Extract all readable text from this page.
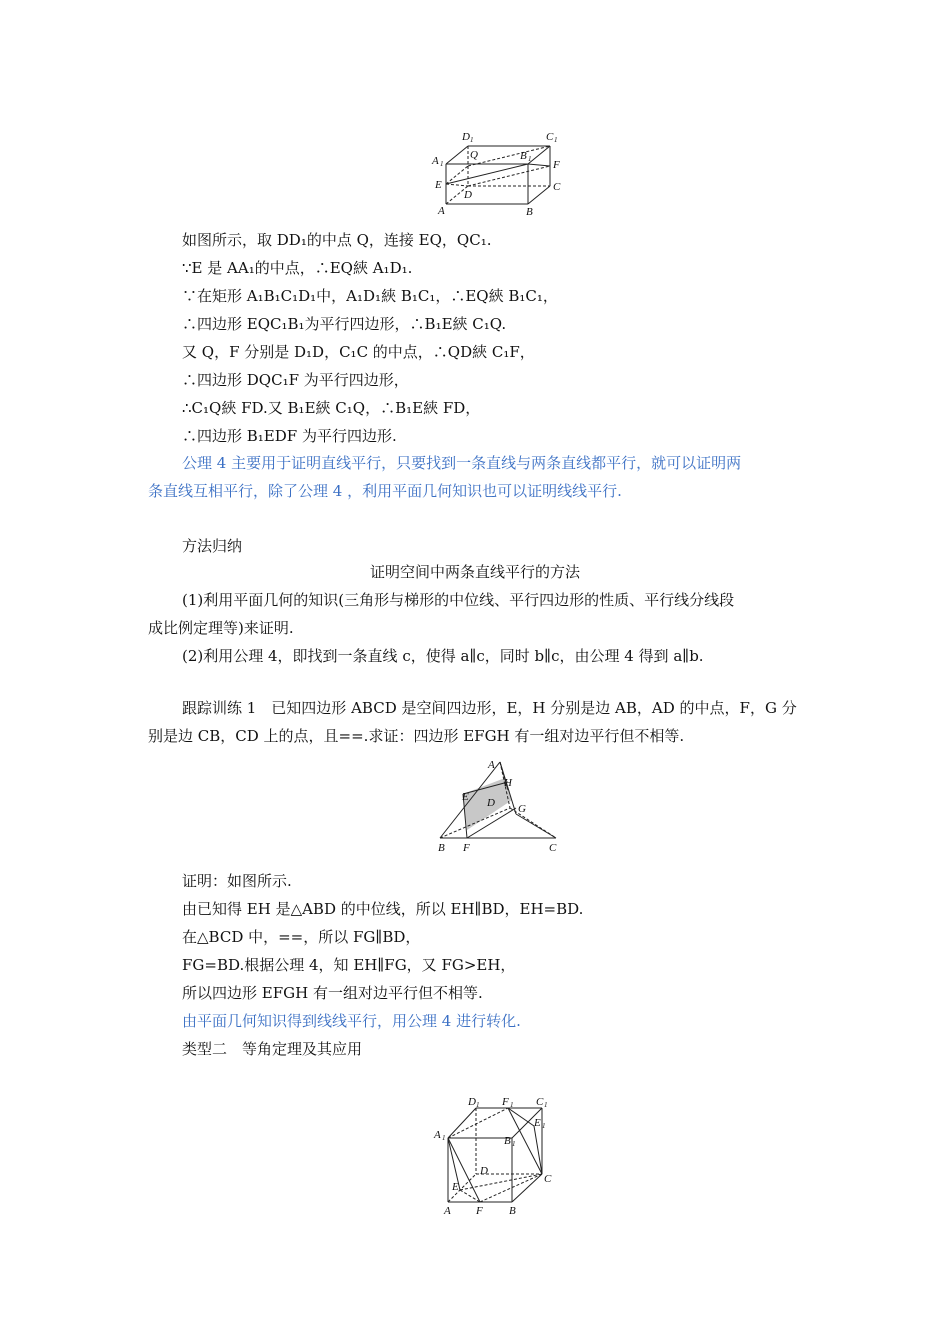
D 1	C 1
A 1
Q	B 1 F
E
D
C
A	B
如图所示，取 DD₁的中点 Q，连接 EQ，QC₁.
∵E 是 AA₁的中点，∴EQ綊 A₁D₁.
∵在矩形 A₁B₁C₁D₁中，A₁D₁綊 B₁C₁，∴EQ綊 B₁C₁，
∴四边形 EQC₁B₁为平行四边形，∴B₁E綊 C₁Q.
又 Q，F 分别是 D₁D，C₁C 的中点，∴QD綊 C₁F，
∴四边形 DQC₁F 为平行四边形，
∴C₁Q綊 FD.又 B₁E綊 C₁Q，∴B₁E綊 FD，
∴四边形 B₁EDF 为平行四边形.
公理 4 主要用于证明直线平行，只要找到一条直线与两条直线都平行，就可以证明两
条直线互相平行，除了公理 4 ，利用平面几何知识也可以证明线线平行.
方法归纳
证明空间中两条直线平行的方法
(1)利用平面几何的知识(三角形与梯形的中位线、平行四边形的性质、平行线分线段
成比例定理等)来证明.
(2)利用公理 4，即找到一条直线 c，使得 a∥c，同时 b∥c，由公理 4 得到 a∥b.
跟踪训练 1　已知四边形 ABCD 是空间四边形，E，H 分别是边 AB，AD 的中点，F，G 分
别是边 CB，CD 上的点，且==.求证：四边形 EFGH 有一组对边平行但不相等.
A
H
E D G
B F	C
证明：如图所示.
由已知得 EH 是△ABD 的中位线，所以 EH∥BD，EH=BD.
在△BCD 中，==，所以 FG∥BD，
FG=BD.根据公理 4，知 EH∥FG，又 FG>EH，
所以四边形 EFGH 有一组对边平行但不相等.
由平面几何知识得到线线平行，用公理 4 进行转化.
类型二　等角定理及其应用
D 1 F 1 C 1
E 1
A 1	B 1
D
C
E
A F B
